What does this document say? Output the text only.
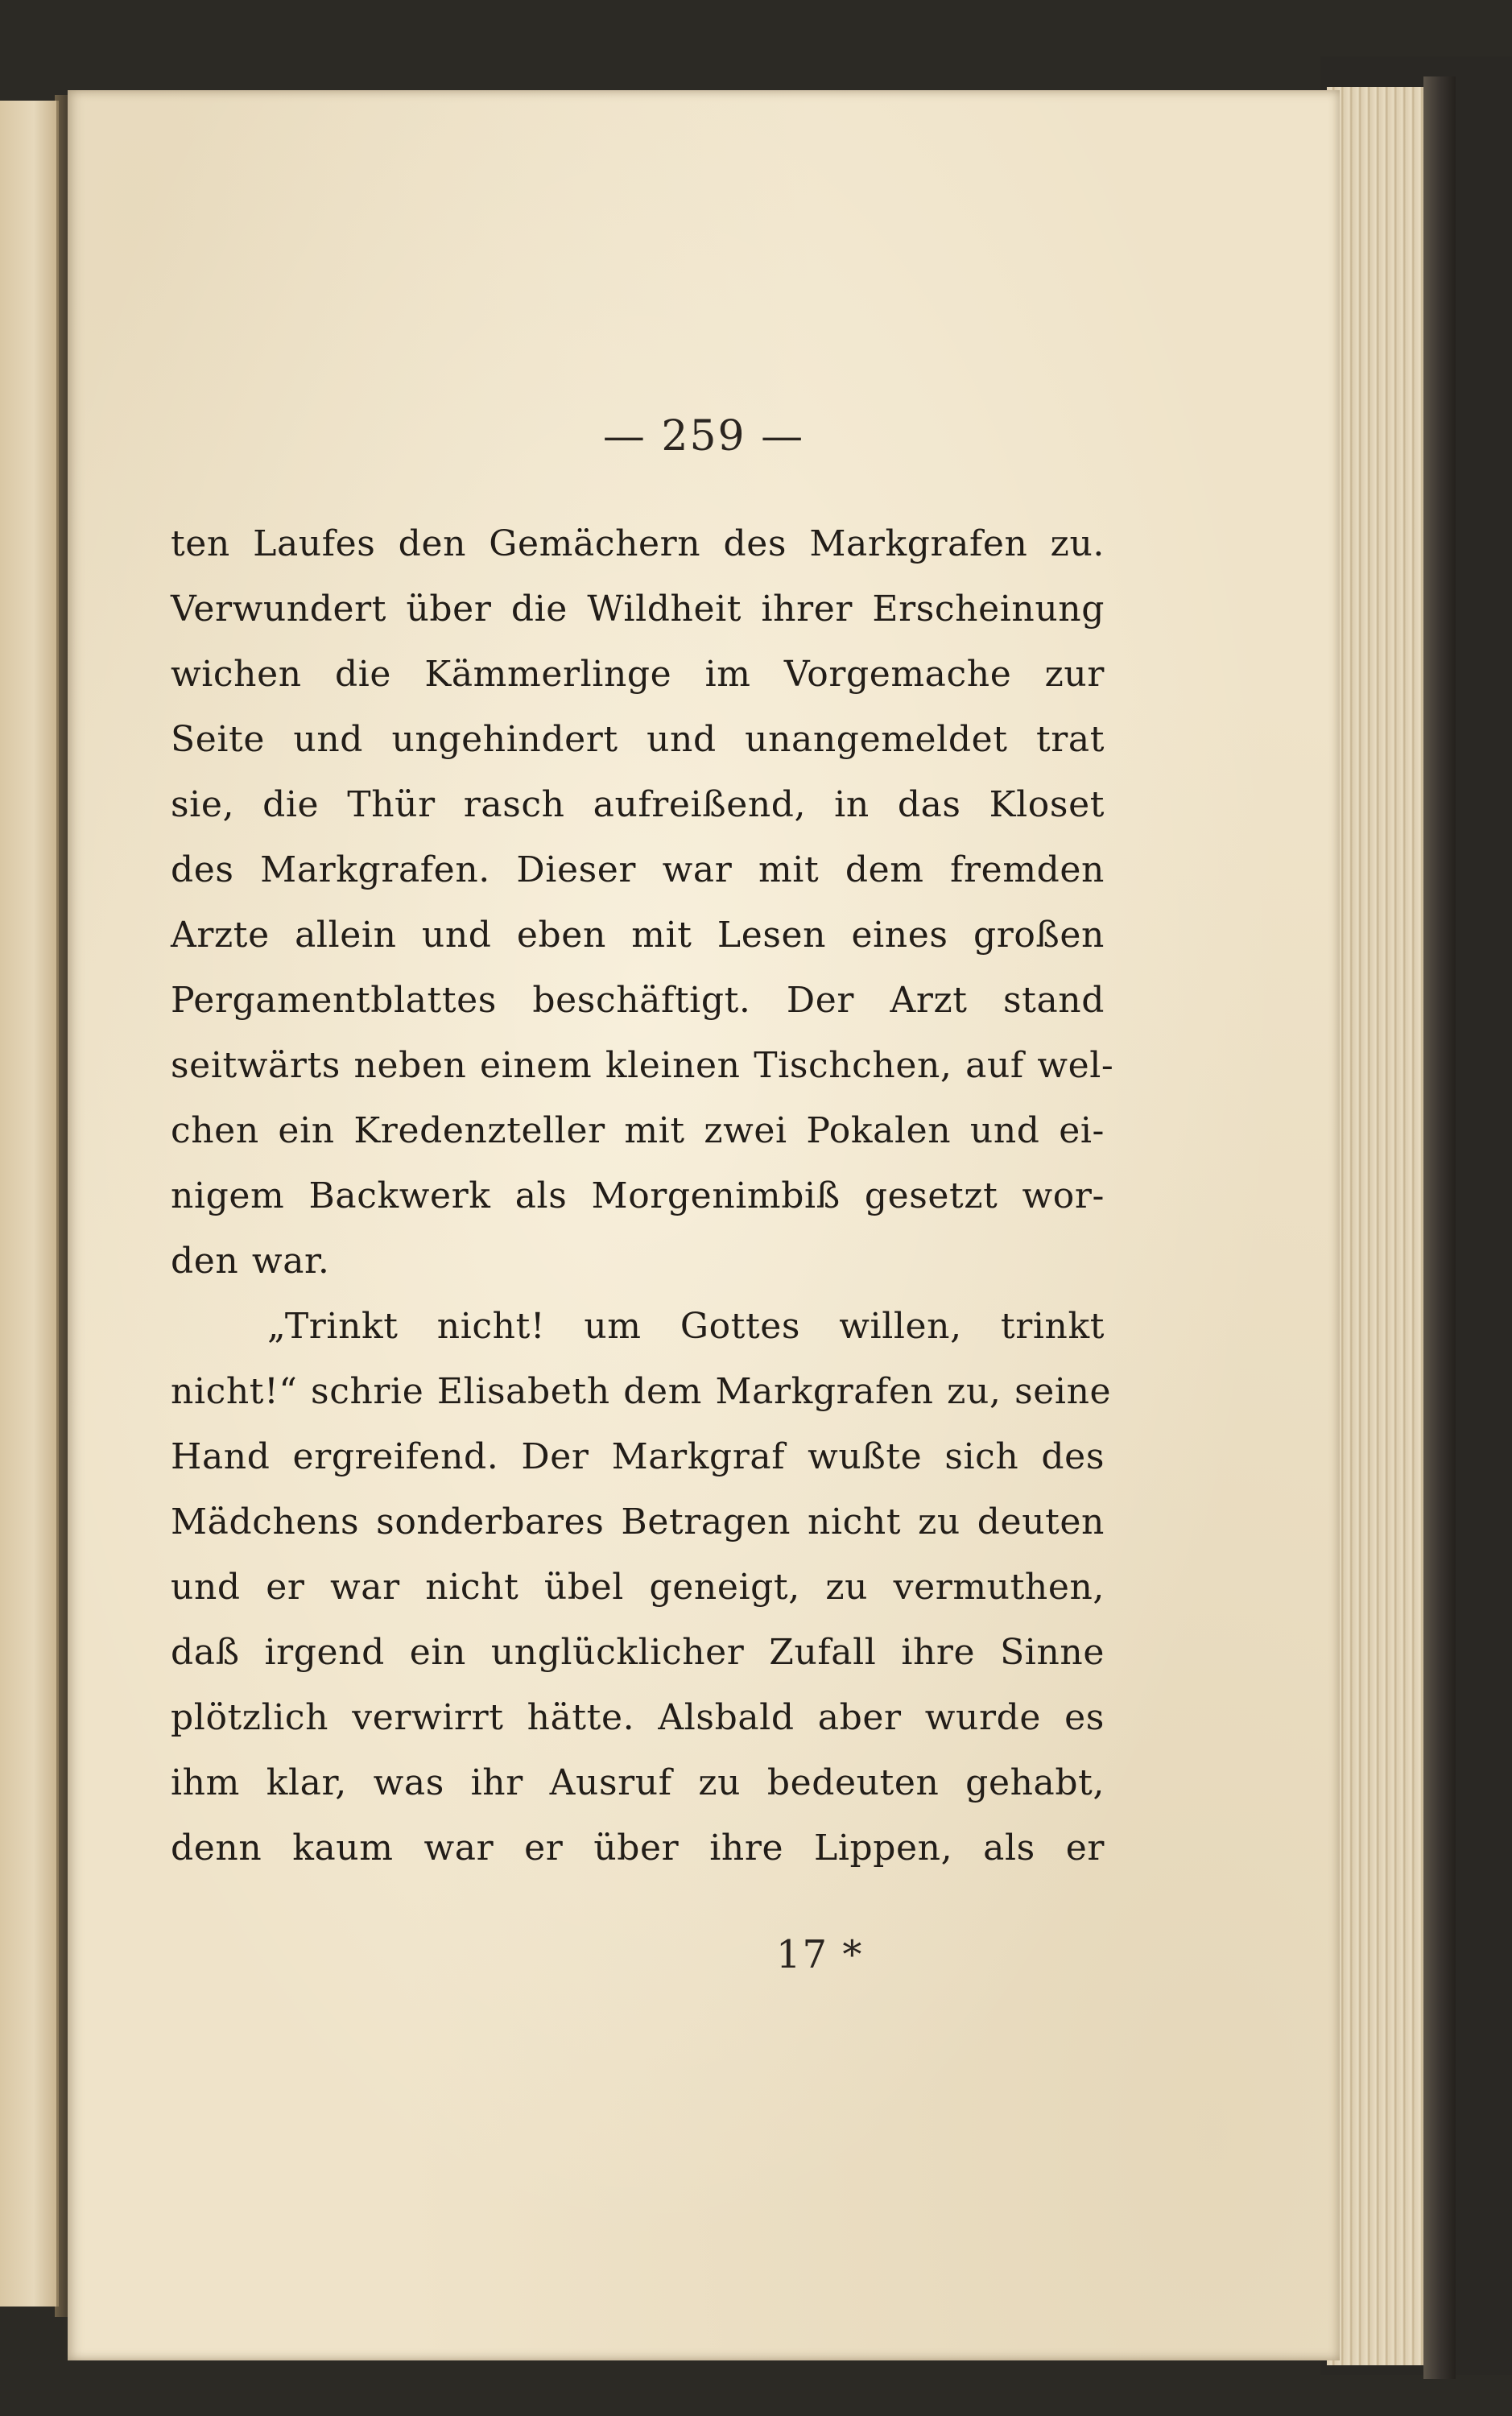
— 259 —
ten Laufes den Gemächern des Markgrafen zu.
Verwundert über die Wildheit ihrer Erscheinung
wichen die Kämmerlinge im Vorgemache zur
Seite und ungehindert und unangemeldet trat
sie, die Thür rasch aufreißend, in das Kloset
des Markgrafen. Dieser war mit dem fremden
Arzte allein und eben mit Lesen eines großen
Pergamentblattes beschäftigt. Der Arzt stand
seitwärts neben einem kleinen Tischchen, auf wel-
chen ein Kredenzteller mit zwei Pokalen und ei-
nigem Backwerk als Morgenimbiß gesetzt wor-
den war.
„Trinkt nicht! um Gottes willen, trinkt
nicht!“ schrie Elisabeth dem Markgrafen zu, seine
Hand ergreifend. Der Markgraf wußte sich des
Mädchens sonderbares Betragen nicht zu deuten
und er war nicht übel geneigt, zu vermuthen,
daß irgend ein unglücklicher Zufall ihre Sinne
plötzlich verwirrt hätte. Alsbald aber wurde es
ihm klar, was ihr Ausruf zu bedeuten gehabt,
denn kaum war er über ihre Lippen, als er
17 *
